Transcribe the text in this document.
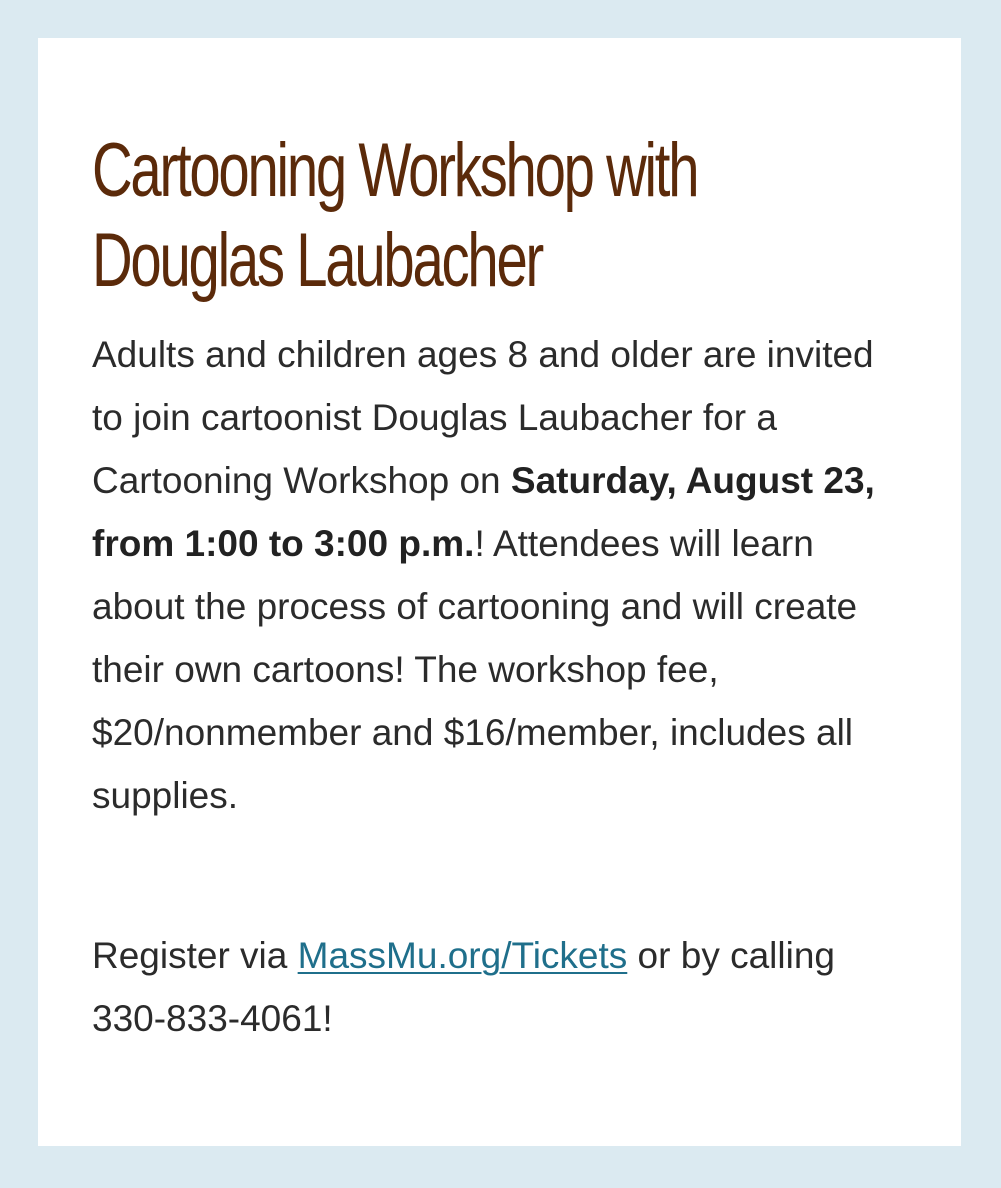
Cartooning Workshop with Douglas Laubacher

Adults and children ages 8 and older are invited to join cartoonist Douglas Laubacher for a Cartooning Workshop on Saturday, August 23, from 1:00 to 3:00 p.m.! Attendees will learn about the process of cartooning and will create their own cartoons! The workshop fee, $20/nonmember and $16/member, includes all supplies.

Register via MassMu.org/Tickets or by calling 330-833-4061!
